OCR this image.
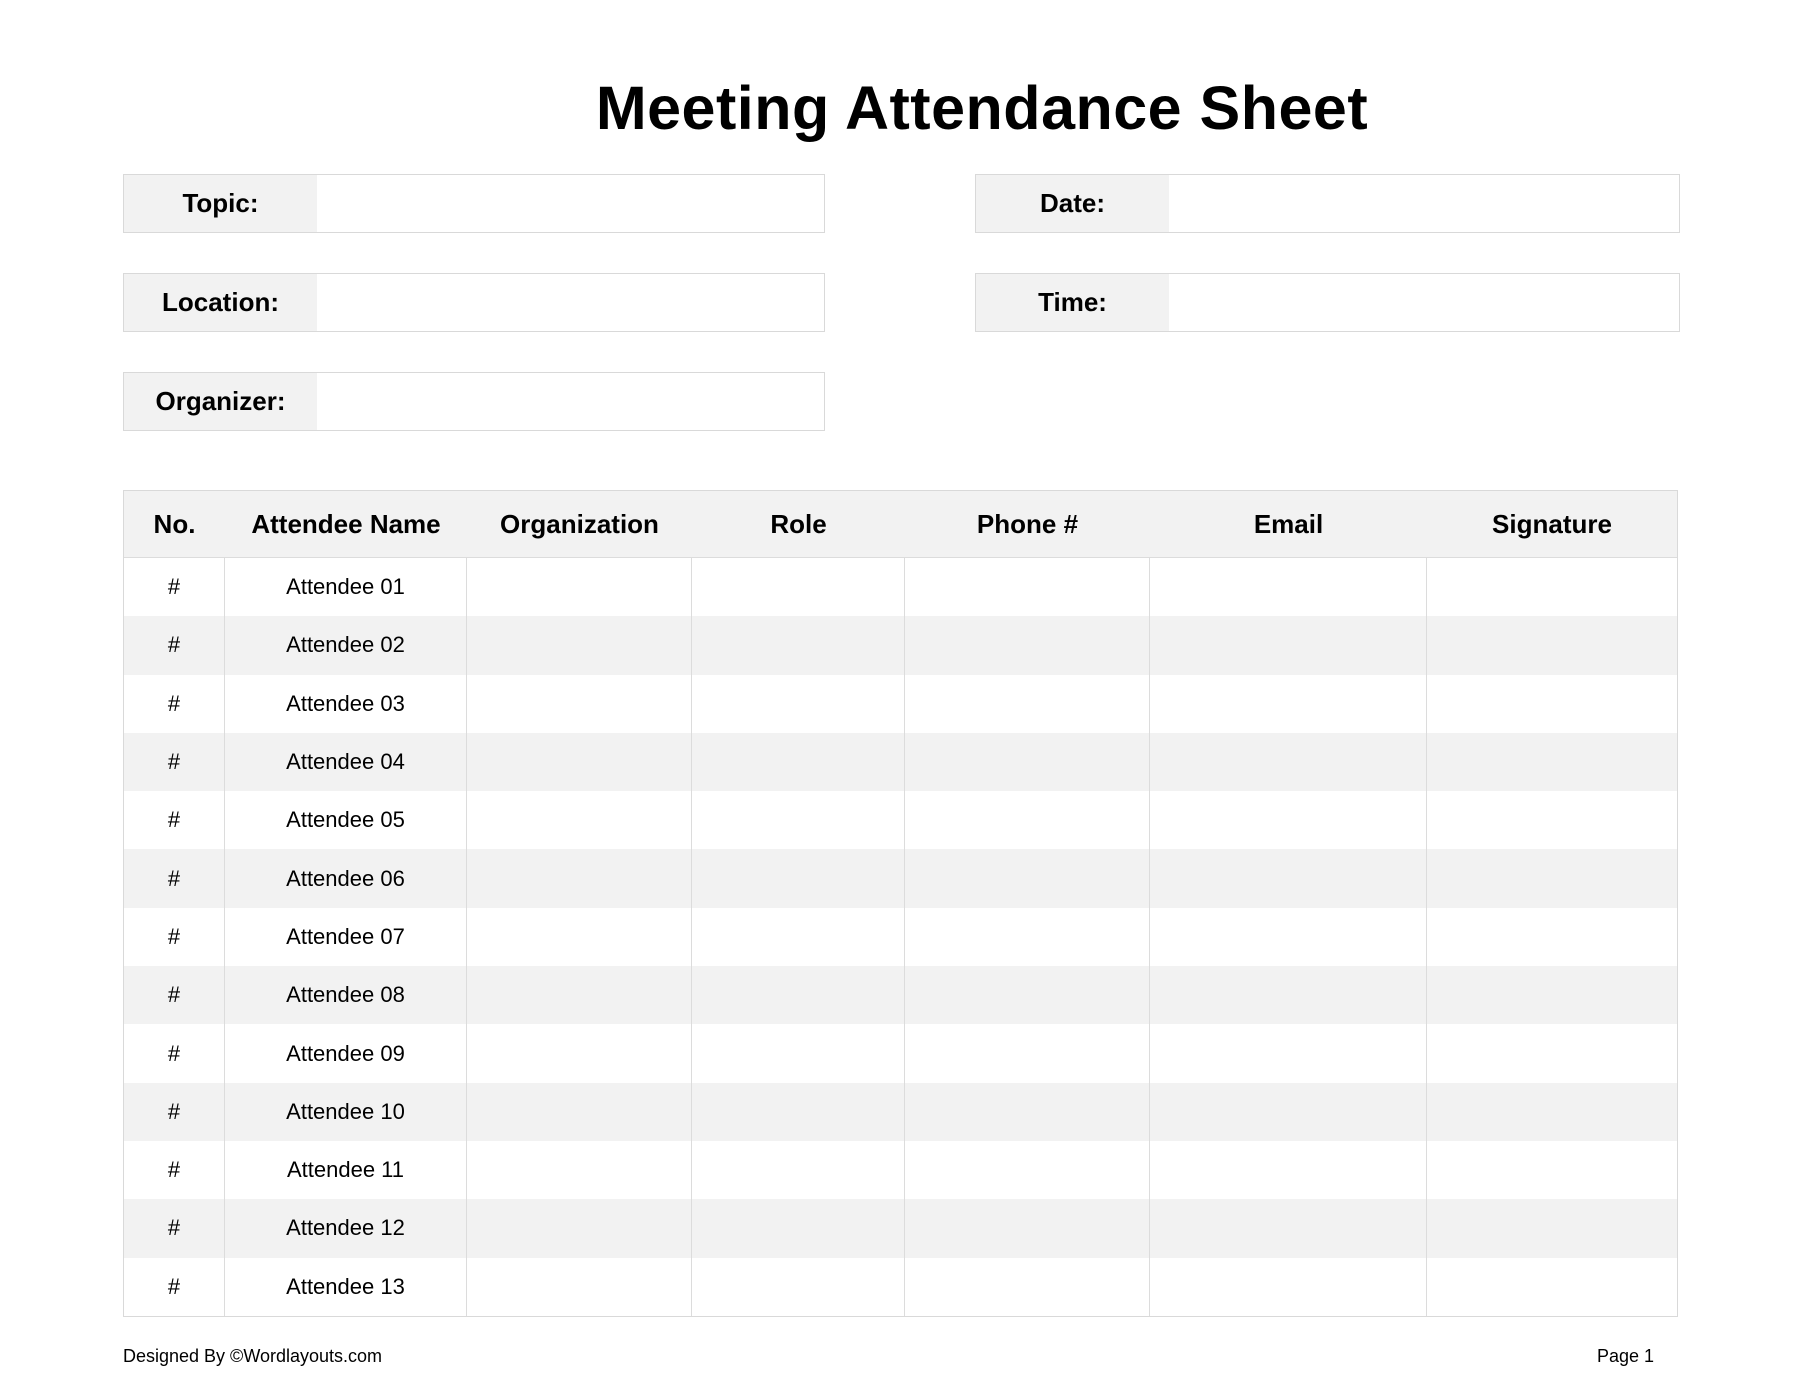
Meeting Attendance Sheet
Topic:
Location:
Organizer:
Date:
Time:
No.	Attendee Name	Organization	Role	Phone #	Email	Signature
#	Attendee 01
#	Attendee 02
#	Attendee 03
#	Attendee 04
#	Attendee 05
#	Attendee 06
#	Attendee 07
#	Attendee 08
#	Attendee 09
#	Attendee 10
#	Attendee 11
#	Attendee 12
#	Attendee 13
Designed By ©Wordlayouts.com	Page 1
